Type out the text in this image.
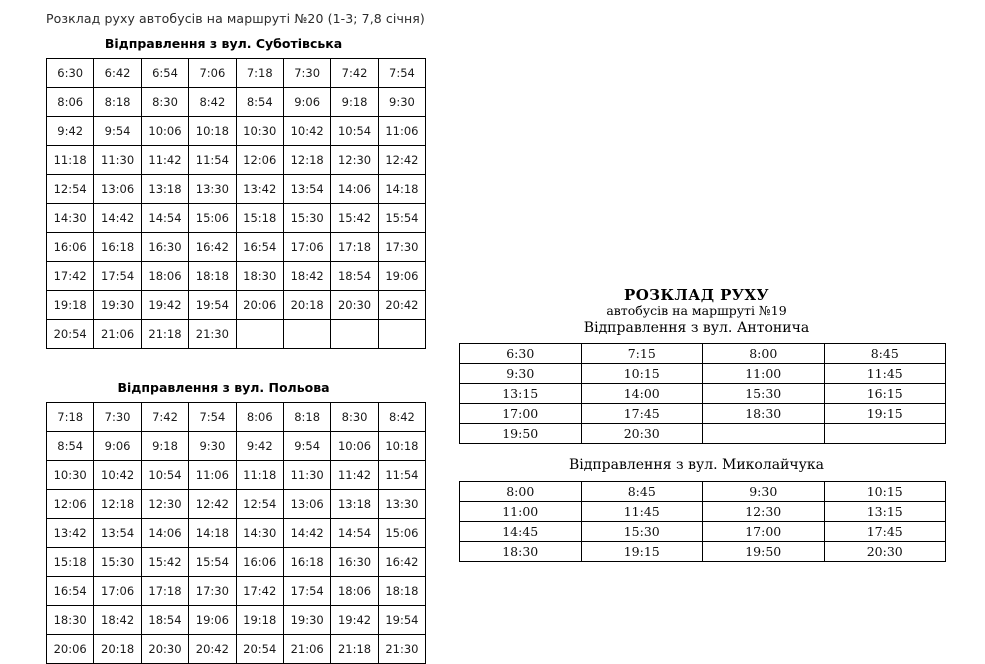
Розклад руху автобусів на маршруті №20 (1-3; 7,8 січня)
Відправлення з вул. Суботівська
6:30	6:42	6:54	7:06	7:18	7:30	7:42	7:54
8:06	8:18	8:30	8:42	8:54	9:06	9:18	9:30
9:42	9:54	10:06	10:18	10:30	10:42	10:54	11:06
11:18	11:30	11:42	11:54	12:06	12:18	12:30	12:42
12:54	13:06	13:18	13:30	13:42	13:54	14:06	14:18
14:30	14:42	14:54	15:06	15:18	15:30	15:42	15:54
16:06	16:18	16:30	16:42	16:54	17:06	17:18	17:30
17:42	17:54	18:06	18:18	18:30	18:42	18:54	19:06
19:18	19:30	19:42	19:54	20:06	20:18	20:30	20:42
20:54	21:06	21:18	21:30				
Відправлення з вул. Польова
7:18	7:30	7:42	7:54	8:06	8:18	8:30	8:42
8:54	9:06	9:18	9:30	9:42	9:54	10:06	10:18
10:30	10:42	10:54	11:06	11:18	11:30	11:42	11:54
12:06	12:18	12:30	12:42	12:54	13:06	13:18	13:30
13:42	13:54	14:06	14:18	14:30	14:42	14:54	15:06
15:18	15:30	15:42	15:54	16:06	16:18	16:30	16:42
16:54	17:06	17:18	17:30	17:42	17:54	18:06	18:18
18:30	18:42	18:54	19:06	19:18	19:30	19:42	19:54
20:06	20:18	20:30	20:42	20:54	21:06	21:18	21:30
РОЗКЛАД РУХУ
автобусів на маршруті №19
Відправлення з вул. Антонича
6:30	7:15	8:00	8:45
9:30	10:15	11:00	11:45
13:15	14:00	15:30	16:15
17:00	17:45	18:30	19:15
19:50	20:30		
Відправлення з вул. Миколайчука
8:00	8:45	9:30	10:15
11:00	11:45	12:30	13:15
14:45	15:30	17:00	17:45
18:30	19:15	19:50	20:30
